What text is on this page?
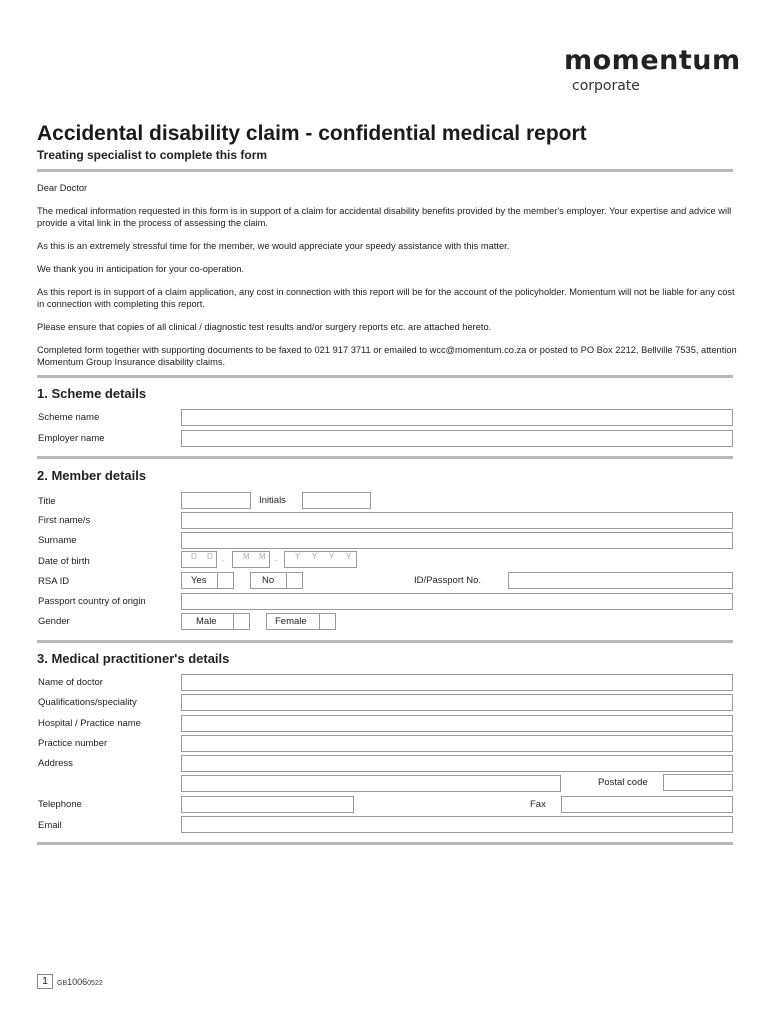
momentum
corporate
Accidental disability claim - confidential medical report
Treating specialist to complete this form

Dear Doctor

The medical information requested in this form is in support of a claim for accidental disability benefits provided by the member's employer. Your expertise and advice will provide a vital link in the process of assessing the claim.

As this is an extremely stressful time for the member, we would appreciate your speedy assistance with this matter.

We thank you in anticipation for your co-operation.

As this report is in support of a claim application, any cost in connection with this report will be for the account of the policyholder. Momentum will not be liable for any cost in connection with completing this report.

Please ensure that copies of all clinical / diagnostic test results and/or surgery reports etc. are attached hereto.

Completed form together with supporting documents to be faxed to 021 917 3711 or emailed to wcc@momentum.co.za or posted to PO Box 2212, Bellville 7535, attention Momentum Group Insurance disability claims.

1. Scheme details
Scheme name
Employer name
2. Member details
Title	Initials
First name/s
Surname
Date of birth	D D - M M - Y Y Y Y
RSA ID	Yes	No	ID/Passport No.
Passport country of origin
Gender	Male	Female
3. Medical practitioner's details
Name of doctor
Qualifications/speciality
Hospital / Practice name
Practice number
Address
Postal code
Telephone	Fax
Email
1	GB10060522
